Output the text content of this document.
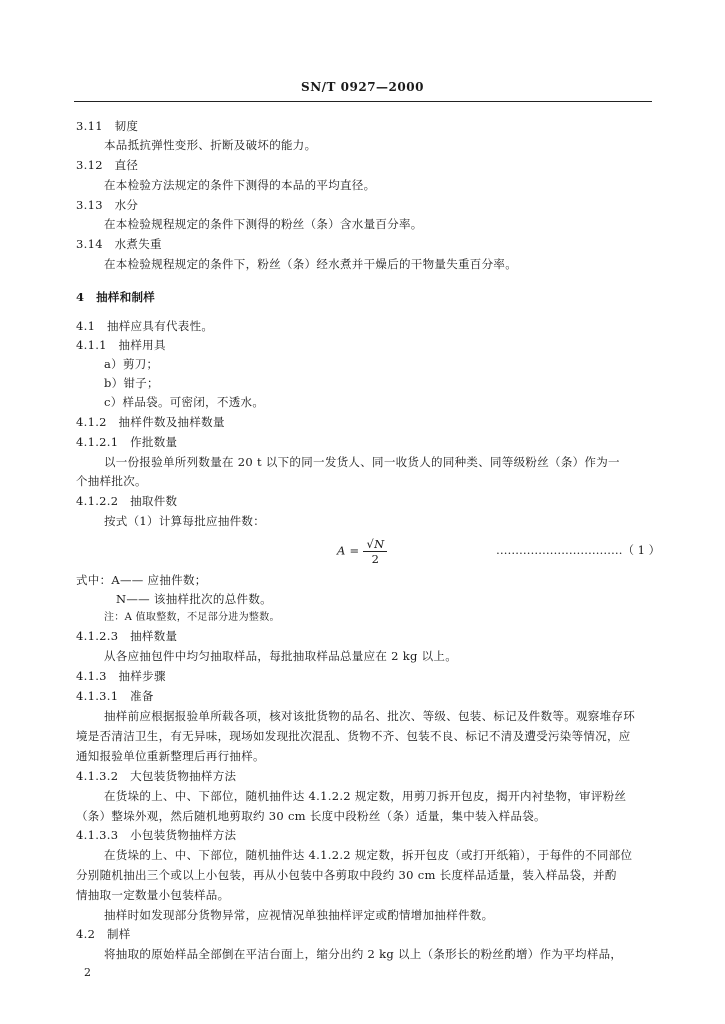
SN/T 0927—2000
3.11　韧度
本品抵抗弹性变形、折断及破坏的能力。
3.12　直径
在本检验方法规定的条件下测得的本品的平均直径。
3.13　水分
在本检验规程规定的条件下测得的粉丝（条）含水量百分率。
3.14　水煮失重
在本检验规程规定的条件下，粉丝（条）经水煮并干燥后的干物量失重百分率。
4　抽样和制样
4.1　抽样应具有代表性。
4.1.1　抽样用具
a）剪刀；
b）钳子；
c）样品袋。可密闭，不透水。
4.1.2　抽样件数及抽样数量
4.1.2.1　作批数量
以一份报验单所列数量在 20 t 以下的同一发货人、同一收货人的同种类、同等级粉丝（条）作为一
个抽样批次。
4.1.2.2　抽取件数
按式（1）计算每批应抽件数：
$A = \frac{√N}{2}$	……………………………（ 1 ）
式中：A—— 应抽件数；
N—— 该抽样批次的总件数。
注：A 值取整数，不足部分进为整数。
4.1.2.3　抽样数量
从各应抽包件中均匀抽取样品，每批抽取样品总量应在 2 kg 以上。
4.1.3　抽样步骤
4.1.3.1　准备
抽样前应根据报验单所载各项，核对该批货物的品名、批次、等级、包装、标记及件数等。观察堆存环
境是否清洁卫生，有无异味，现场如发现批次混乱、货物不齐、包装不良、标记不清及遭受污染等情况，应
通知报验单位重新整理后再行抽样。
4.1.3.2　大包装货物抽样方法
在货垛的上、中、下部位，随机抽件达 4.1.2.2 规定数，用剪刀拆开包皮，揭开内衬垫物，审评粉丝
（条）整垛外观，然后随机地剪取约 30 cm 长度中段粉丝（条）适量，集中装入样品袋。
4.1.3.3　小包装货物抽样方法
在货垛的上、中、下部位，随机抽件达 4.1.2.2 规定数，拆开包皮（或打开纸箱），于每件的不同部位
分别随机抽出三个或以上小包装，再从小包装中各剪取中段约 30 cm 长度样品适量，装入样品袋，并酌
情抽取一定数量小包装样品。
抽样时如发现部分货物异常，应视情况单独抽样评定或酌情增加抽样件数。
4.2　制样
将抽取的原始样品全部倒在平洁台面上，缩分出约 2 kg 以上（条形长的粉丝酌增）作为平均样品，
2
